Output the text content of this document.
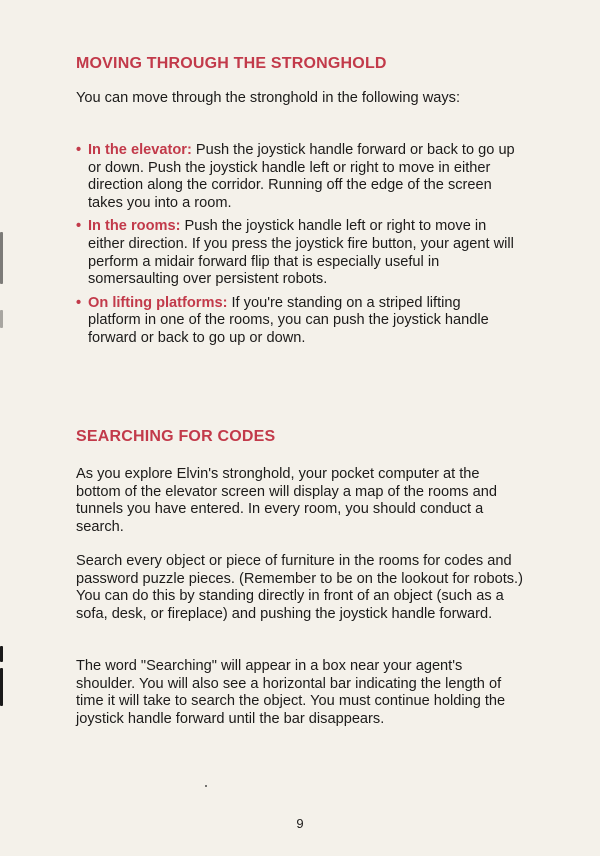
MOVING THROUGH THE STRONGHOLD

You can move through the stronghold in the following ways:

• In the elevator: Push the joystick handle forward or back to go up or down. Push the joystick handle left or right to move in either direction along the corridor. Running off the edge of the screen takes you into a room.
• In the rooms: Push the joystick handle left or right to move in either direction. If you press the joystick fire button, your agent will perform a midair forward flip that is especially useful in somersaulting over persistent robots.
• On lifting platforms: If you're standing on a striped lifting platform in one of the rooms, you can push the joystick handle forward or back to go up or down.
SEARCHING FOR CODES

As you explore Elvin's stronghold, your pocket computer at the bottom of the elevator screen will display a map of the rooms and tunnels you have entered. In every room, you should conduct a search.

Search every object or piece of furniture in the rooms for codes and password puzzle pieces. (Remember to be on the lookout for robots.) You can do this by standing directly in front of an object (such as a sofa, desk, or fireplace) and pushing the joystick handle forward.

The word "Searching" will appear in a box near your agent's shoulder. You will also see a horizontal bar indicating the length of time it will take to search the object. You must continue holding the joystick handle forward until the bar disappears.

9
